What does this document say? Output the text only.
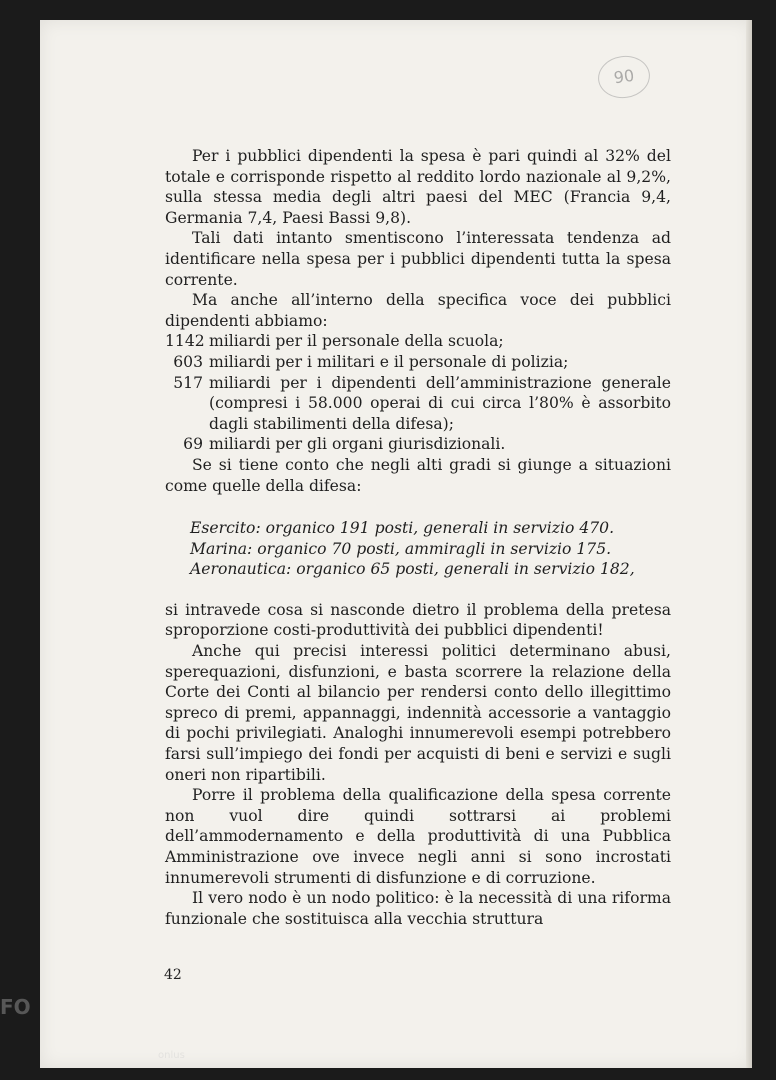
90

Per i pubblici dipendenti la spesa è pari quindi al 32% del totale e corrisponde rispetto al reddito lordo nazionale al 9,2%, sulla stessa media degli altri paesi del MEC (Francia 9,4, Germania 7,4, Paesi Bassi 9,8).

Tali dati intanto smentiscono l’interessata tendenza ad identificare nella spesa per i pubblici dipendenti tutta la spesa corrente.

Ma anche all’interno della specifica voce dei pubblici dipendenti abbiamo:

1142 miliardi per il personale della scuola;
603 miliardi per i militari e il personale di polizia;
517 miliardi per i dipendenti dell’amministrazione generale (compresi i 58.000 operai di cui circa l’80% è assorbito dagli stabilimenti della difesa);
69 miliardi per gli organi giurisdizionali.

Se si tiene conto che negli alti gradi si giunge a situazioni come quelle della difesa:

Esercito: organico 191 posti, generali in servizio 470.

Marina: organico 70 posti, ammiragli in servizio 175.

Aeronautica: organico 65 posti, generali in servizio 182,

si intravede cosa si nasconde dietro il problema della pretesa sproporzione costi-produttività dei pubblici dipendenti!

Anche qui precisi interessi politici determinano abusi, sperequazioni, disfunzioni, e basta scorrere la relazione della Corte dei Conti al bilancio per rendersi conto dello illegittimo spreco di premi, appannaggi, indennità accessorie a vantaggio di pochi privilegiati. Analoghi innumerevoli esempi potrebbero farsi sull’impiego dei fondi per acquisti di beni e servizi e sugli oneri non ripartibili.

Porre il problema della qualificazione della spesa corrente non vuol dire quindi sottrarsi ai problemi dell’ammodernamento e della produttività di una Pubblica Amministrazione ove invece negli anni si sono incrostati innumerevoli strumenti di disfunzione e di corruzione.

Il vero nodo è un nodo politico: è la necessità di una riforma funzionale che sostituisca alla vecchia struttura

42
FO
onlus
